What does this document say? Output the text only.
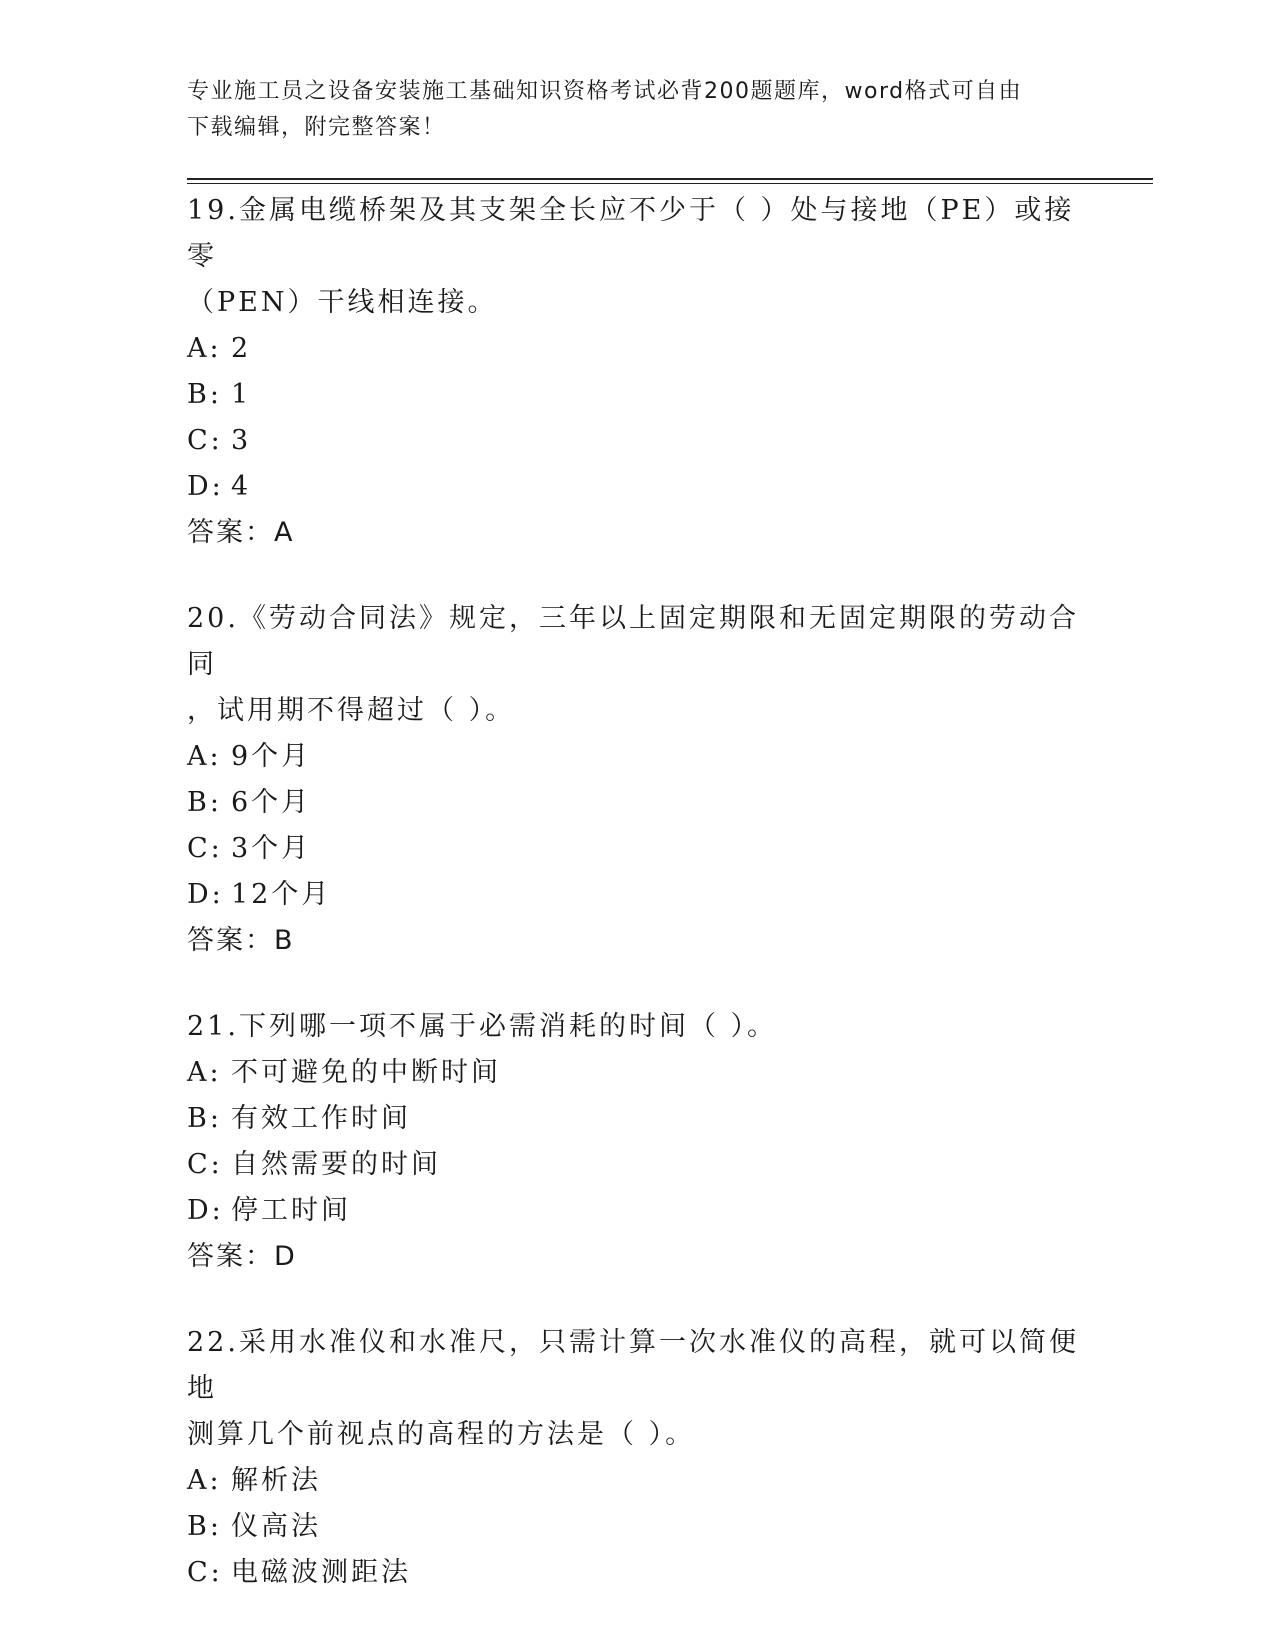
专业施工员之设备安装施工基础知识资格考试必背200题题库，word格式可自由
下载编辑，附完整答案！
19.金属电缆桥架及其支架全长应不少于（ ）处与接地（PE）或接零
（PEN）干线相连接。
A: 2
B: 1
C: 3
D: 4
答案：A
20.《劳动合同法》规定，三年以上固定期限和无固定期限的劳动合同
，试用期不得超过（ ）。
A: 9个月
B: 6个月
C: 3个月
D: 12个月
答案：B
21.下列哪一项不属于必需消耗的时间（ ）。
A: 不可避免的中断时间
B: 有效工作时间
C: 自然需要的时间
D: 停工时间
答案：D
22.采用水准仪和水准尺，只需计算一次水准仪的高程，就可以简便地
测算几个前视点的高程的方法是（ ）。
A: 解析法
B: 仪高法
C: 电磁波测距法
